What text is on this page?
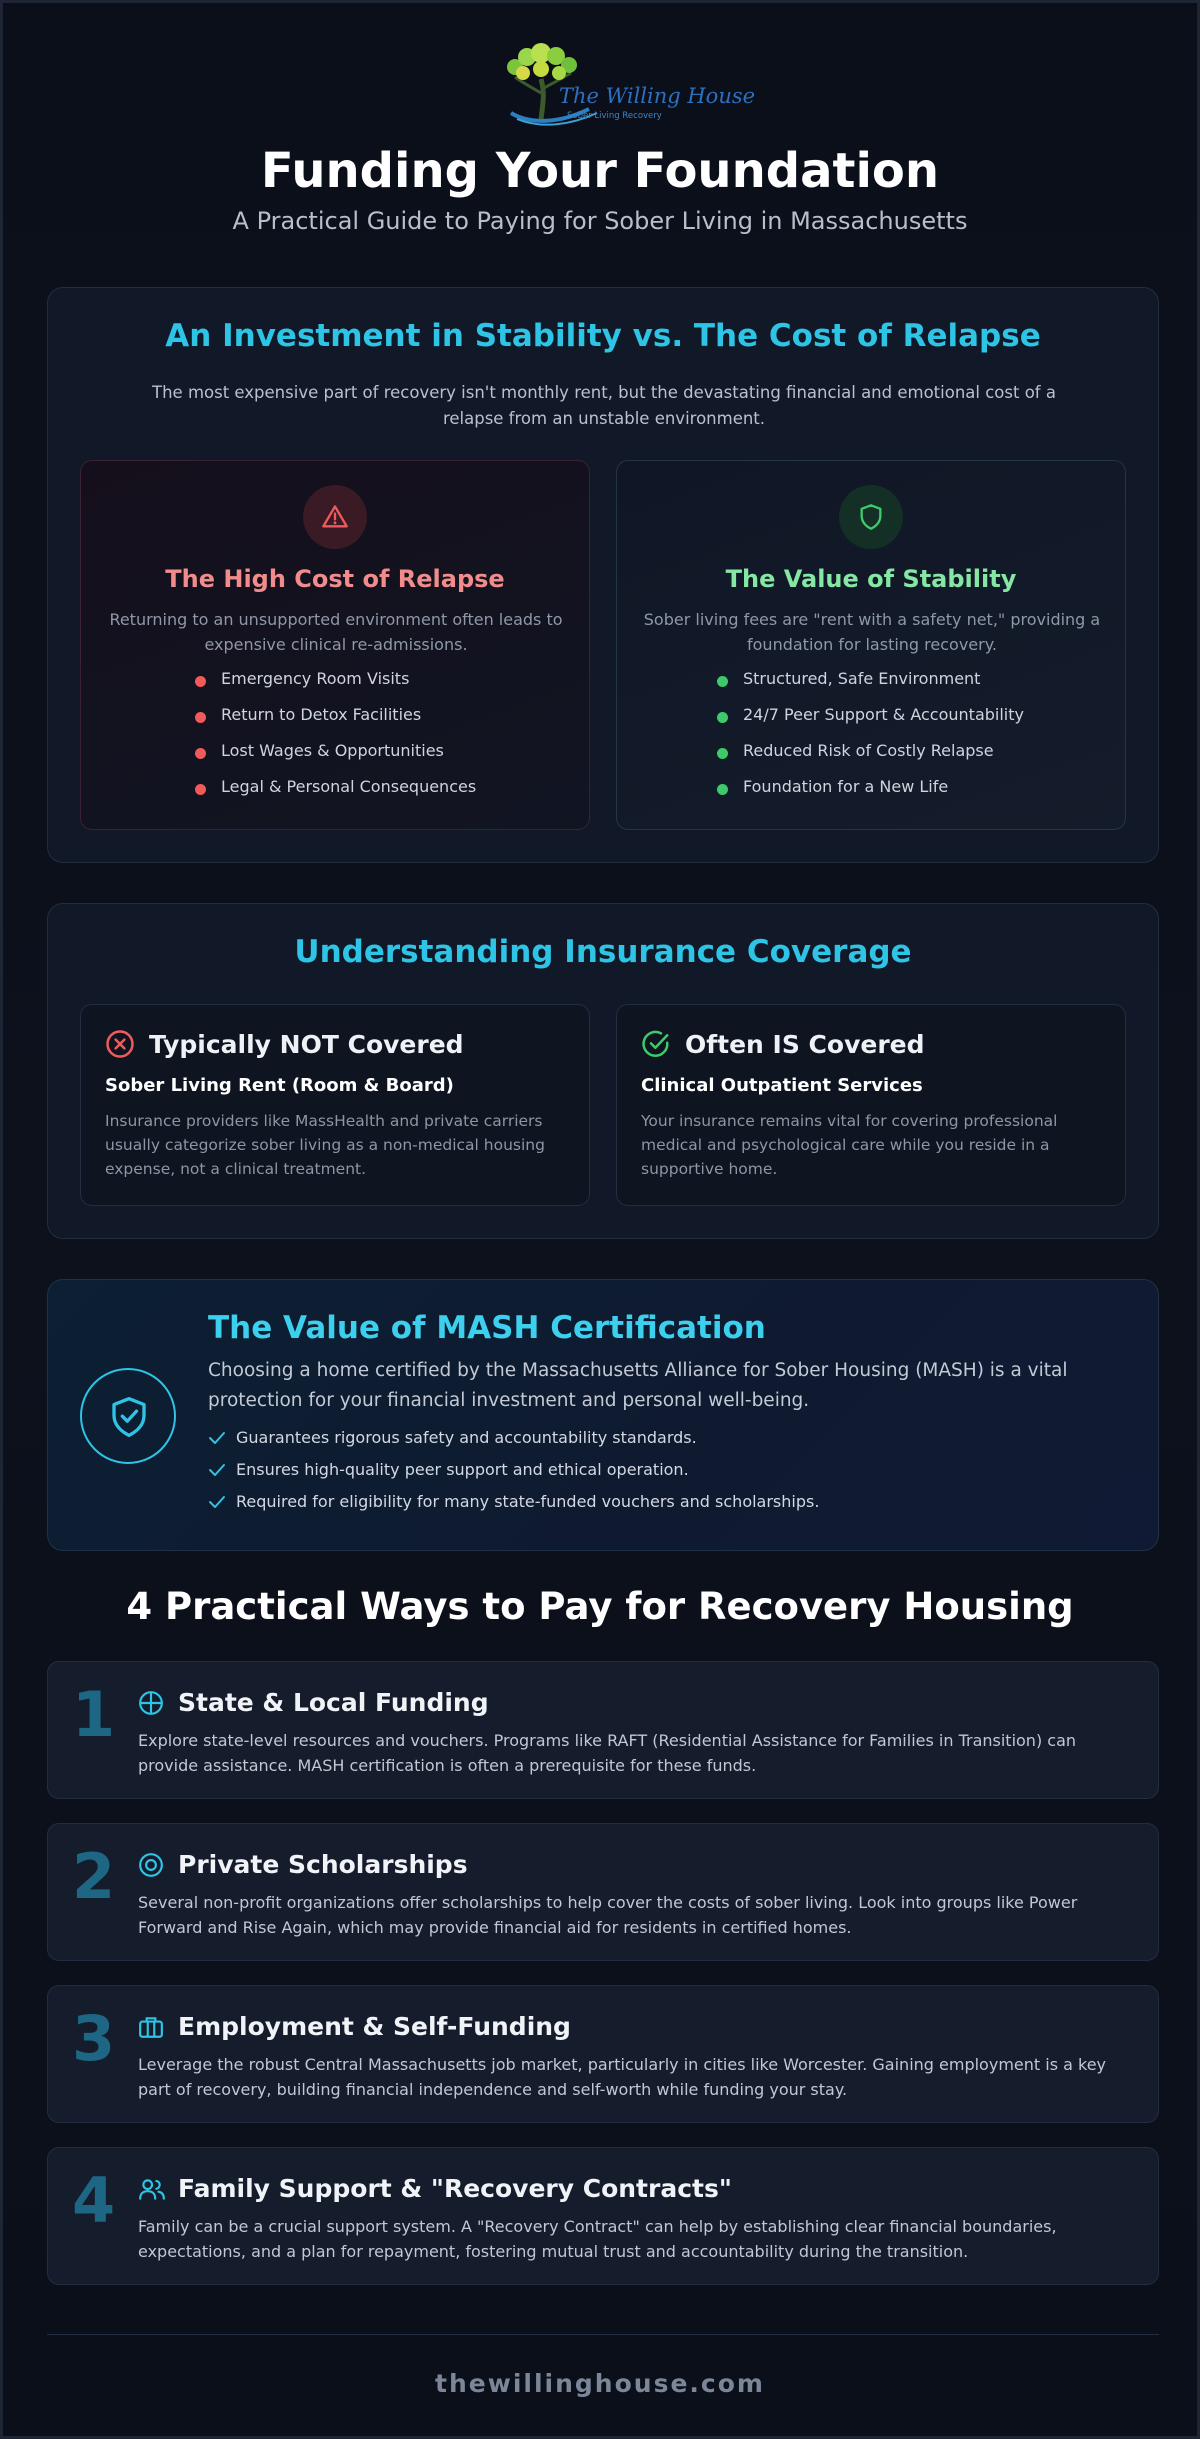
The Willing House
Sober Living Recovery
Funding Your Foundation
A Practical Guide to Paying for Sober Living in Massachusetts
An Investment in Stability vs. The Cost of Relapse
The most expensive part of recovery isn't monthly rent, but the devastating financial and emotional cost of a relapse from an unstable environment.
The High Cost of Relapse
Returning to an unsupported environment often leads to expensive clinical re-admissions.
Emergency Room Visits
Return to Detox Facilities
Lost Wages & Opportunities
Legal & Personal Consequences
The Value of Stability
Sober living fees are "rent with a safety net," providing a foundation for lasting recovery.
Structured, Safe Environment
24/7 Peer Support & Accountability
Reduced Risk of Costly Relapse
Foundation for a New Life
Understanding Insurance Coverage
Typically NOT Covered
Sober Living Rent (Room & Board)
Insurance providers like MassHealth and private carriers usually categorize sober living as a non-medical housing expense, not a clinical treatment.
Often IS Covered
Clinical Outpatient Services
Your insurance remains vital for covering professional medical and psychological care while you reside in a supportive home.
The Value of MASH Certification
Choosing a home certified by the Massachusetts Alliance for Sober Housing (MASH) is a vital protection for your financial investment and personal well-being.
Guarantees rigorous safety and accountability standards.
Ensures high-quality peer support and ethical operation.
Required for eligibility for many state-funded vouchers and scholarships.
4 Practical Ways to Pay for Recovery Housing
1	State & Local Funding
Explore state-level resources and vouchers. Programs like RAFT (Residential Assistance for Families in Transition) can provide assistance. MASH certification is often a prerequisite for these funds.
2	Private Scholarships
Several non-profit organizations offer scholarships to help cover the costs of sober living. Look into groups like Power Forward and Rise Again, which may provide financial aid for residents in certified homes.
3	Employment & Self-Funding
Leverage the robust Central Massachusetts job market, particularly in cities like Worcester. Gaining employment is a key part of recovery, building financial independence and self-worth while funding your stay.
4	Family Support & "Recovery Contracts"
Family can be a crucial support system. A "Recovery Contract" can help by establishing clear financial boundaries, expectations, and a plan for repayment, fostering mutual trust and accountability during the transition.
thewillinghouse.com
